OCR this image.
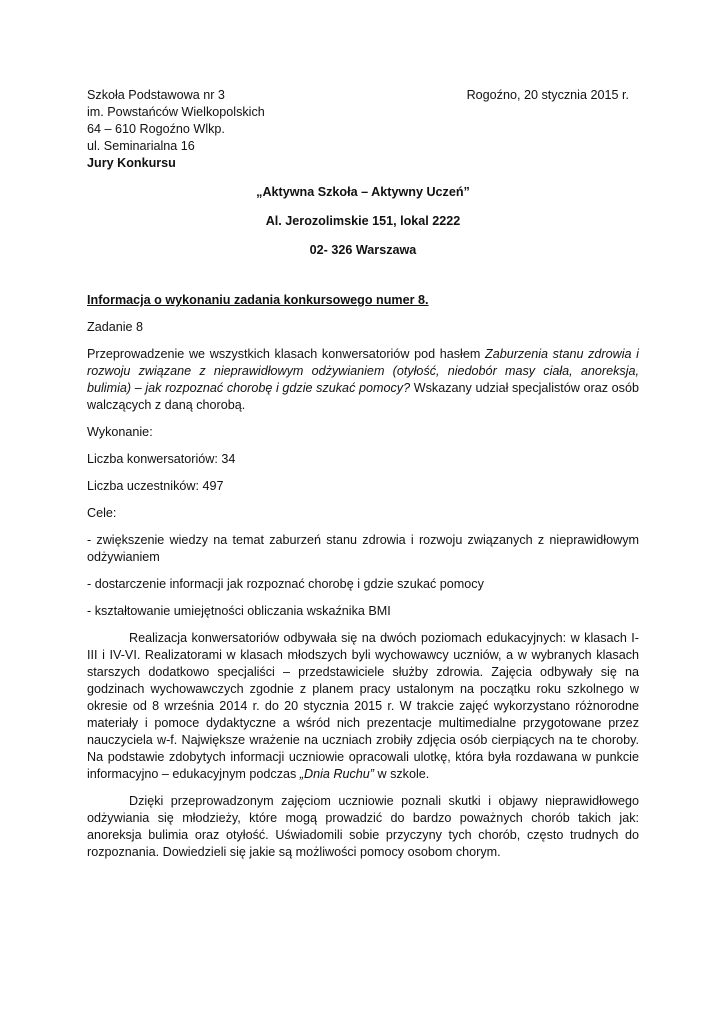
Szkoła Podstawowa nr 3

im. Powstańców Wielkopolskich

64 – 610 Rogoźno Wlkp.

ul. Seminarialna 16

Jury Konkursu

Rogoźno, 20 stycznia 2015 r.

„Aktywna Szkoła – Aktywny Uczeń”

Al. Jerozolimskie 151, lokal 2222

02- 326 Warszawa

Informacja o wykonaniu zadania konkursowego numer 8.

Zadanie 8

Przeprowadzenie we wszystkich klasach konwersatoriów pod hasłem Zaburzenia stanu zdrowia i rozwoju związane z nieprawidłowym odżywianiem (otyłość, niedobór masy ciała, anoreksja, bulimia) – jak rozpoznać chorobę i gdzie szukać pomocy? Wskazany udział specjalistów oraz osób walczących z daną chorobą.

Wykonanie:

Liczba konwersatoriów: 34

Liczba uczestników: 497

Cele:

- zwiększenie wiedzy na temat zaburzeń stanu zdrowia i rozwoju związanych z nieprawidłowym odżywianiem

- dostarczenie informacji jak rozpoznać chorobę i gdzie szukać pomocy

- kształtowanie umiejętności obliczania wskaźnika BMI

Realizacja konwersatoriów odbywała się na dwóch poziomach edukacyjnych: w klasach I-III i IV-VI. Realizatorami w klasach młodszych byli wychowawcy uczniów, a w wybranych klasach starszych dodatkowo specjaliści – przedstawiciele służby zdrowia. Zajęcia odbywały się na godzinach wychowawczych zgodnie z planem pracy ustalonym na początku roku szkolnego w okresie od 8 września 2014 r. do 20 stycznia 2015 r. W trakcie zajęć wykorzystano różnorodne materiały i pomoce dydaktyczne a wśród nich prezentacje multimedialne przygotowane przez nauczyciela w-f. Największe wrażenie na uczniach zrobiły zdjęcia osób cierpiących na te choroby. Na podstawie zdobytych informacji uczniowie opracowali ulotkę, która była rozdawana w punkcie informacyjno – edukacyjnym podczas „Dnia Ruchu” w szkole.

Dzięki przeprowadzonym zajęciom uczniowie poznali skutki i objawy nieprawidłowego odżywiania się młodzieży, które mogą prowadzić do bardzo poważnych chorób takich jak: anoreksja bulimia oraz otyłość. Uświadomili sobie przyczyny tych chorób, często trudnych do rozpoznania. Dowiedzieli się jakie są możliwości pomocy osobom chorym.
